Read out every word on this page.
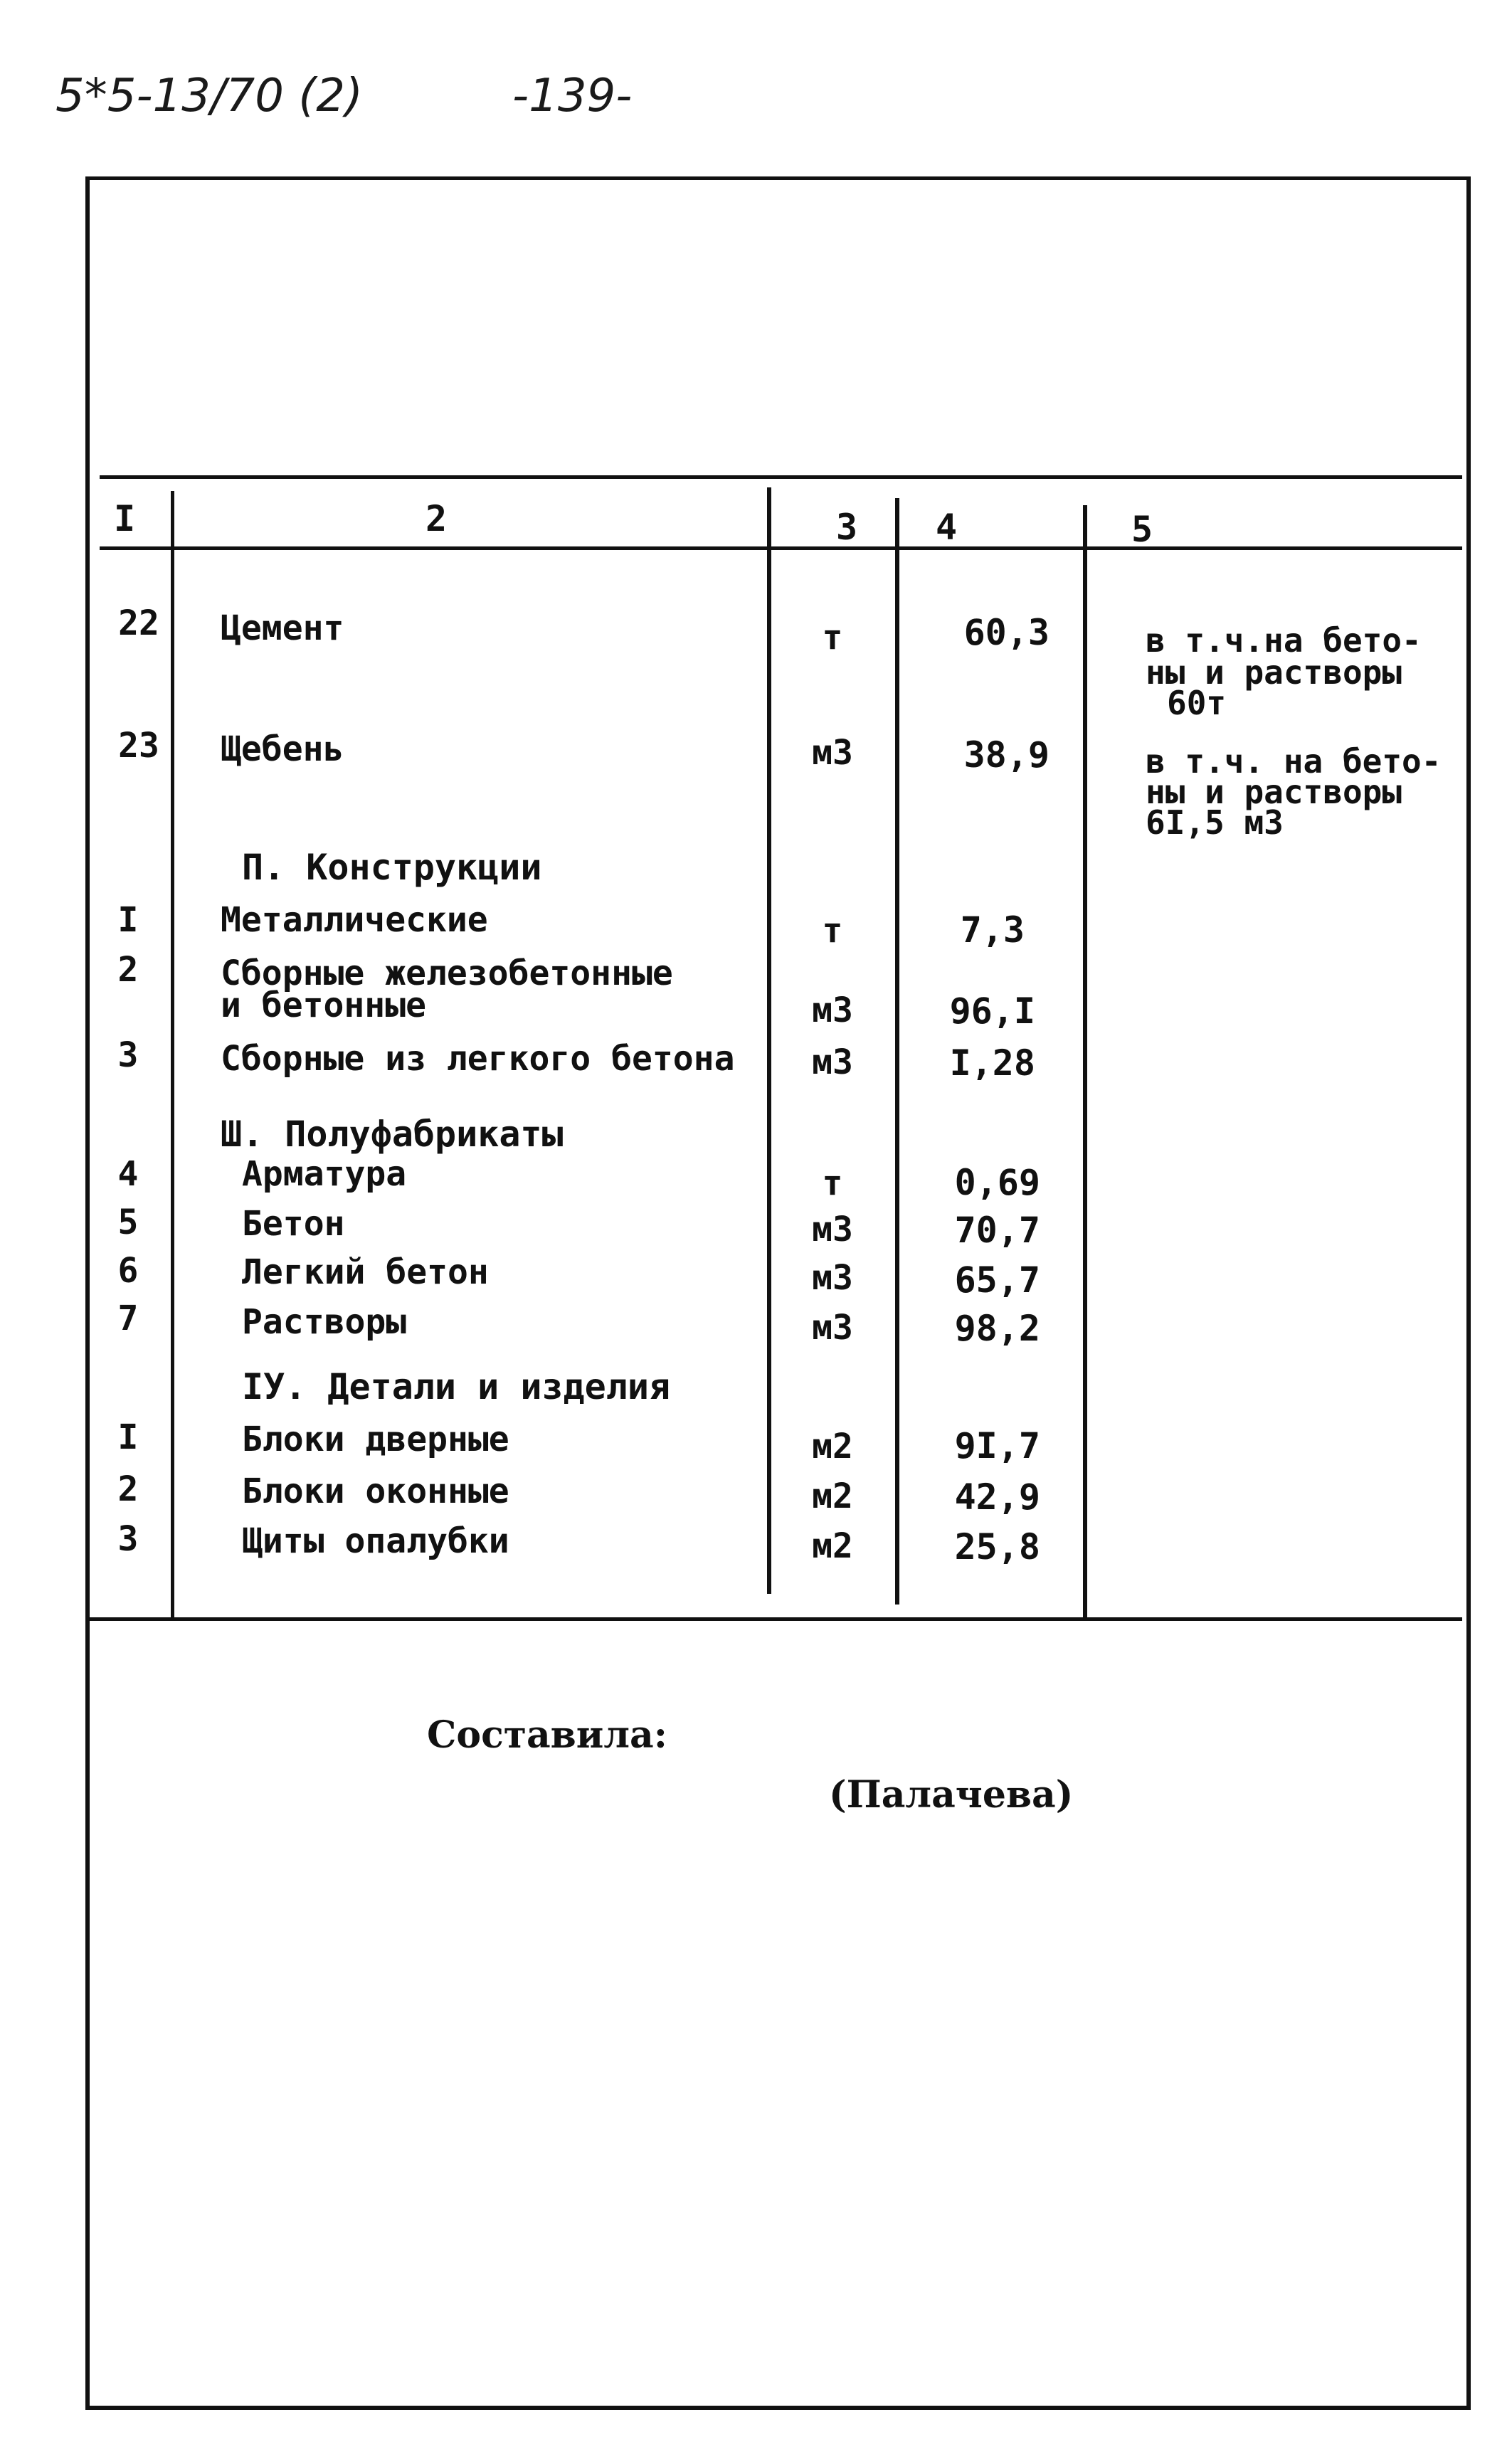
5*5-13/70 (2)	-139-
I	2	3 4	5
22 Цемент	т	60,3	в т.ч.на бето-
ны и растворы
60т
23 Щебень	м3	38,9	в т.ч. на бето-
ны и растворы
6I,5 м3
П. Конструкции
I	Металлические	т	7,3
2	Сборные железобетонные
и бетонные	м3	96,I
3	Сборные из легкого бетона	м3	I,28
Ш. Полуфабрикаты
4	Арматура	т	0,69
5	Бетон	м3	70,7
6	Легкий бетон	м3	65,7
7	Растворы	м3	98,2
IУ. Детали и изделия
I	Блоки дверные	м2	9I,7
2	Блоки оконные	м2	42,9
3	Щиты опалубки	м2	25,8
Составила:
(Палачева)
